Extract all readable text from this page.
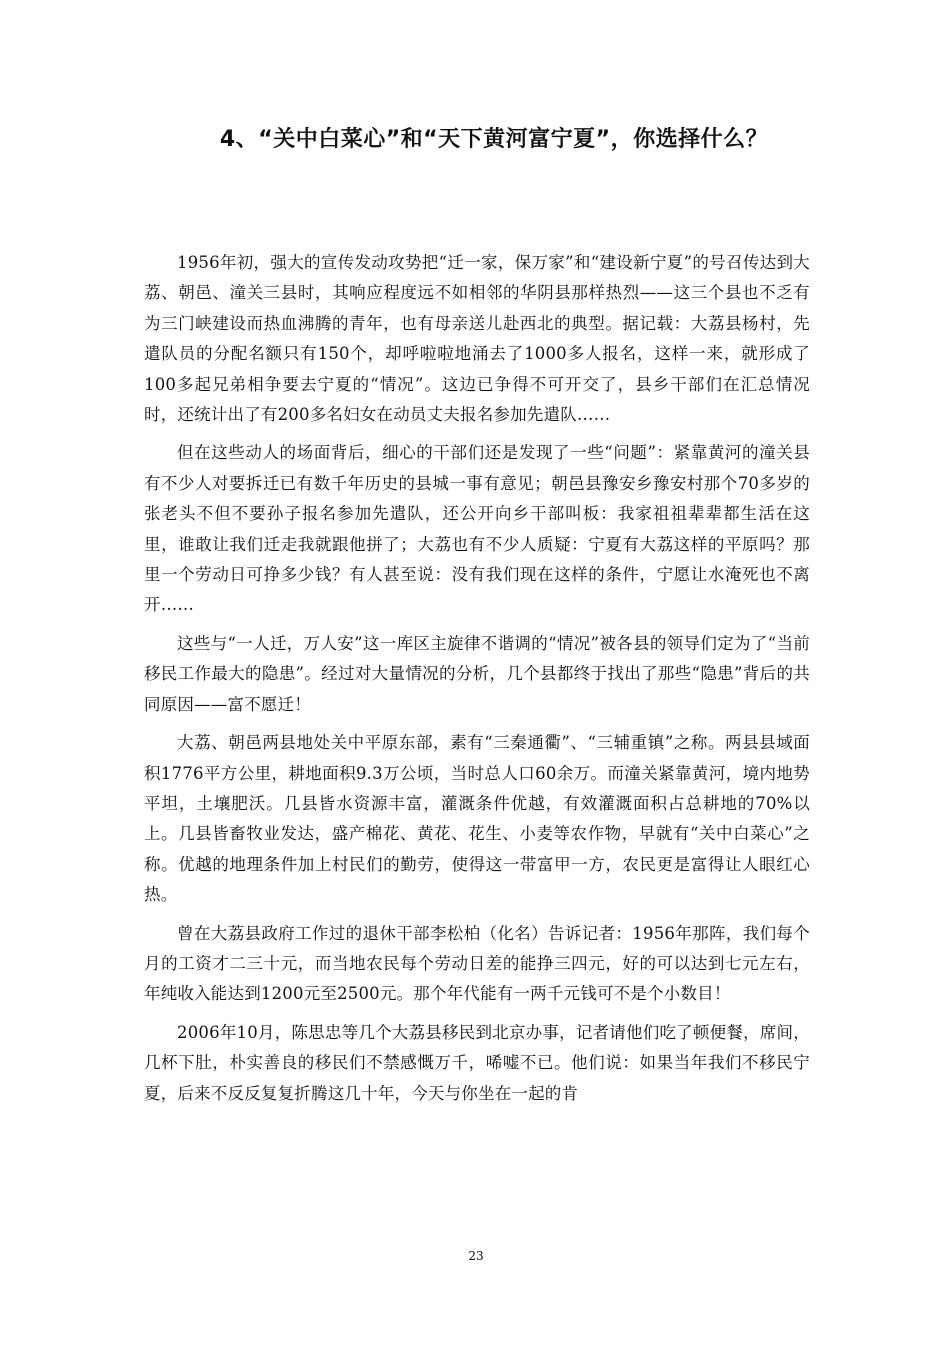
4、“关中白菜心”和“天下黄河富宁夏”，你选择什么？

1956年初，强大的宣传发动攻势把“迁一家，保万家”和“建设新宁夏”的号召传达到大荔、朝邑、潼关三县时，其响应程度远不如相邻的华阴县那样热烈——这三个县也不乏有为三门峡建设而热血沸腾的青年，也有母亲送儿赴西北的典型。据记载：大荔县杨村，先遣队员的分配名额只有150个，却呼啦啦地涌去了1000多人报名，这样一来，就形成了100多起兄弟相争要去宁夏的“情况”。这边已争得不可开交了，县乡干部们在汇总情况时，还统计出了有200多名妇女在动员丈夫报名参加先遣队……

但在这些动人的场面背后，细心的干部们还是发现了一些“问题”：紧靠黄河的潼关县有不少人对要拆迁已有数千年历史的县城一事有意见；朝邑县豫安乡豫安村那个70多岁的张老头不但不要孙子报名参加先遣队，还公开向乡干部叫板：我家祖祖辈辈都生活在这里，谁敢让我们迁走我就跟他拼了；大荔也有不少人质疑：宁夏有大荔这样的平原吗？那里一个劳动日可挣多少钱？有人甚至说：没有我们现在这样的条件，宁愿让水淹死也不离开……

这些与“一人迁，万人安”这一库区主旋律不谐调的“情况”被各县的领导们定为了“当前移民工作最大的隐患”。经过对大量情况的分析，几个县都终于找出了那些“隐患”背后的共同原因——富不愿迁！

大荔、朝邑两县地处关中平原东部，素有“三秦通衢”、“三辅重镇”之称。两县县域面积1776平方公里，耕地面积9.3万公顷，当时总人口60余万。而潼关紧靠黄河，境内地势平坦，土壤肥沃。几县皆水资源丰富，灌溉条件优越，有效灌溉面积占总耕地的70%以上。几县皆畜牧业发达，盛产棉花、黄花、花生、小麦等农作物，早就有“关中白菜心”之称。优越的地理条件加上村民们的勤劳，使得这一带富甲一方，农民更是富得让人眼红心热。

曾在大荔县政府工作过的退休干部李松柏（化名）告诉记者：1956年那阵，我们每个月的工资才二三十元，而当地农民每个劳动日差的能挣三四元，好的可以达到七元左右，年纯收入能达到1200元至2500元。那个年代能有一两千元钱可不是个小数目！

2006年10月，陈思忠等几个大荔县移民到北京办事，记者请他们吃了顿便餐，席间，几杯下肚，朴实善良的移民们不禁感慨万千，唏嘘不已。他们说：如果当年我们不移民宁夏，后来不反反复复折腾这几十年，今天与你坐在一起的肯

23
